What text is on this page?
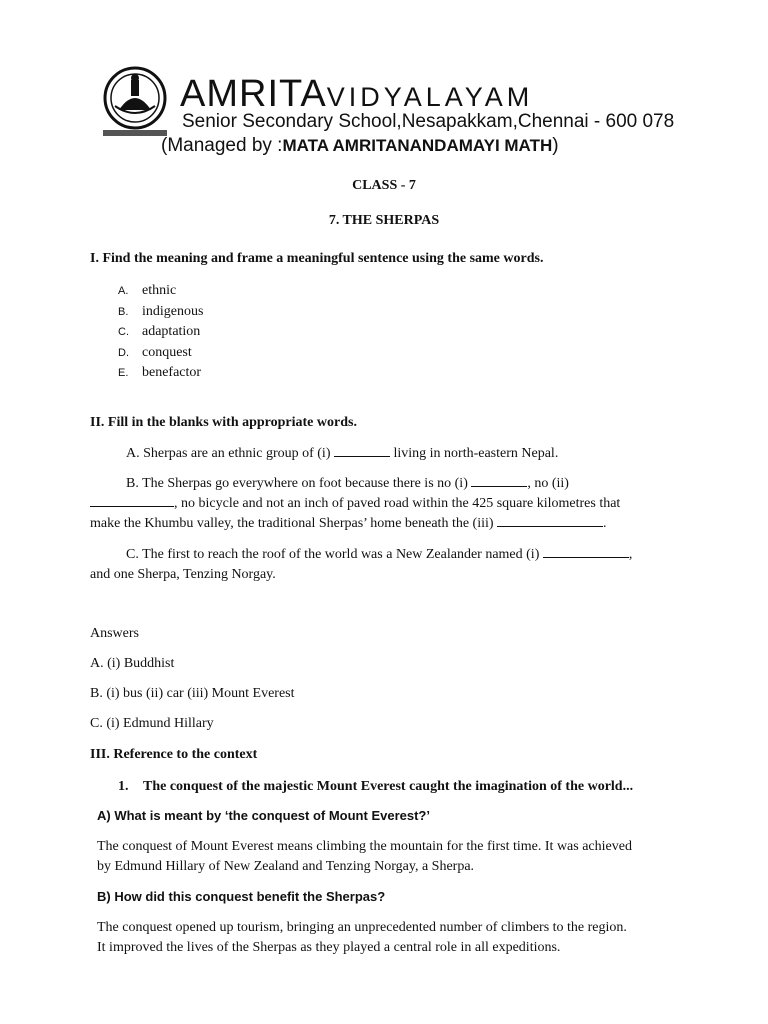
AMRITAVIDYALAYAM
Senior Secondary School,Nesapakkam,Chennai - 600 078
(Managed by :MATA AMRITANANDAMAYI MATH)
CLASS - 7
7. THE SHERPAS
I. Find the meaning and frame a meaningful sentence using the same words.
A. ethnic
B. indigenous
C. adaptation
D. conquest
E. benefactor
II. Fill in the blanks with appropriate words.
A. Sherpas are an ethnic group of (i)	living in north-eastern Nepal.
B. The Sherpas go everywhere on foot because there is no (i)	, no (ii)
, no bicycle and not an inch of paved road within the 425 square kilometres that
make the Khumbu valley, the traditional Sherpas’ home beneath the (iii)	.
C. The first to reach the roof of the world was a New Zealander named (i)	,
and one Sherpa, Tenzing Norgay.
Answers
A. (i) Buddhist
B. (i) bus (ii) car (iii) Mount Everest
C. (i) Edmund Hillary
III. Reference to the context
1. The conquest of the majestic Mount Everest caught the imagination of the world...
A) What is meant by ‘the conquest of Mount Everest?’
The conquest of Mount Everest means climbing the mountain for the first time. It was achieved
by Edmund Hillary of New Zealand and Tenzing Norgay, a Sherpa.
B) How did this conquest benefit the Sherpas?
The conquest opened up tourism, bringing an unprecedented number of climbers to the region.
It improved the lives of the Sherpas as they played a central role in all expeditions.
